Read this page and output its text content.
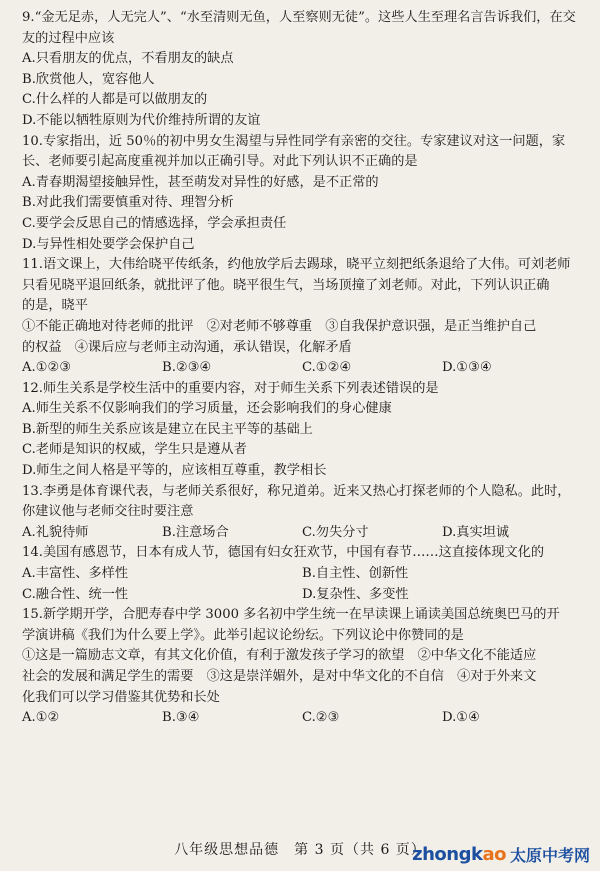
9.“金无足赤，人无完人”、“水至清则无鱼，人至察则无徒”。这些人生至理名言告诉我们，在交
友的过程中应该
A.只看朋友的优点，不看朋友的缺点
B.欣赏他人，宽容他人
C.什么样的人都是可以做朋友的
D.不能以牺牲原则为代价维持所谓的友谊
10.专家指出，近 50％的初中男女生渴望与异性同学有亲密的交往。专家建议对这一问题，家
长、老师要引起高度重视并加以正确引导。对此下列认识不正确的是
A.青春期渴望接触异性，甚至萌发对异性的好感，是不正常的
B.对此我们需要慎重对待、理智分析
C.要学会反思自己的情感选择，学会承担责任
D.与异性相处要学会保护自己
11.语文课上，大伟给晓平传纸条，约他放学后去踢球，晓平立刻把纸条退给了大伟。可刘老师
只看见晓平退回纸条，就批评了他。晓平很生气，当场顶撞了刘老师。对此，下列认识正确
的是，晓平
①不能正确地对待老师的批评　②对老师不够尊重　③自我保护意识强，是正当维护自己
的权益　④课后应与老师主动沟通，承认错误，化解矛盾
A.①②③	B.②③④	C.①②④	D.①③④
12.师生关系是学校生活中的重要内容，对于师生关系下列表述错误的是
A.师生关系不仅影响我们的学习质量，还会影响我们的身心健康
B.新型的师生关系应该是建立在民主平等的基础上
C.老师是知识的权威，学生只是遵从者
D.师生之间人格是平等的，应该相互尊重，教学相长
13.李勇是体育课代表，与老师关系很好，称兄道弟。近来又热心打探老师的个人隐私。此时，
你建议他与老师交往时要注意
A.礼貌待师	B.注意场合	C.勿失分寸	D.真实坦诚
14.美国有感恩节，日本有成人节，德国有妇女狂欢节，中国有春节……这直接体现文化的
A.丰富性、多样性	B.自主性、创新性
C.融合性、统一性	D.复杂性、多变性
15.新学期开学，合肥寿春中学 3000 多名初中学生统一在早读课上诵读美国总统奥巴马的开
学演讲稿《我们为什么要上学》。此举引起议论纷纭。下列议论中你赞同的是
①这是一篇励志文章，有其文化价值，有利于激发孩子学习的欲望　②中华文化不能适应
社会的发展和满足学生的需要　③这是崇洋媚外，是对中华文化的不自信　④对于外来文
化我们可以学习借鉴其优势和长处
A.①②	B.③④	C.②③	D.①④
八年级思想品德　第 3 页（共 6 页）
zhongkao 太原中考网
